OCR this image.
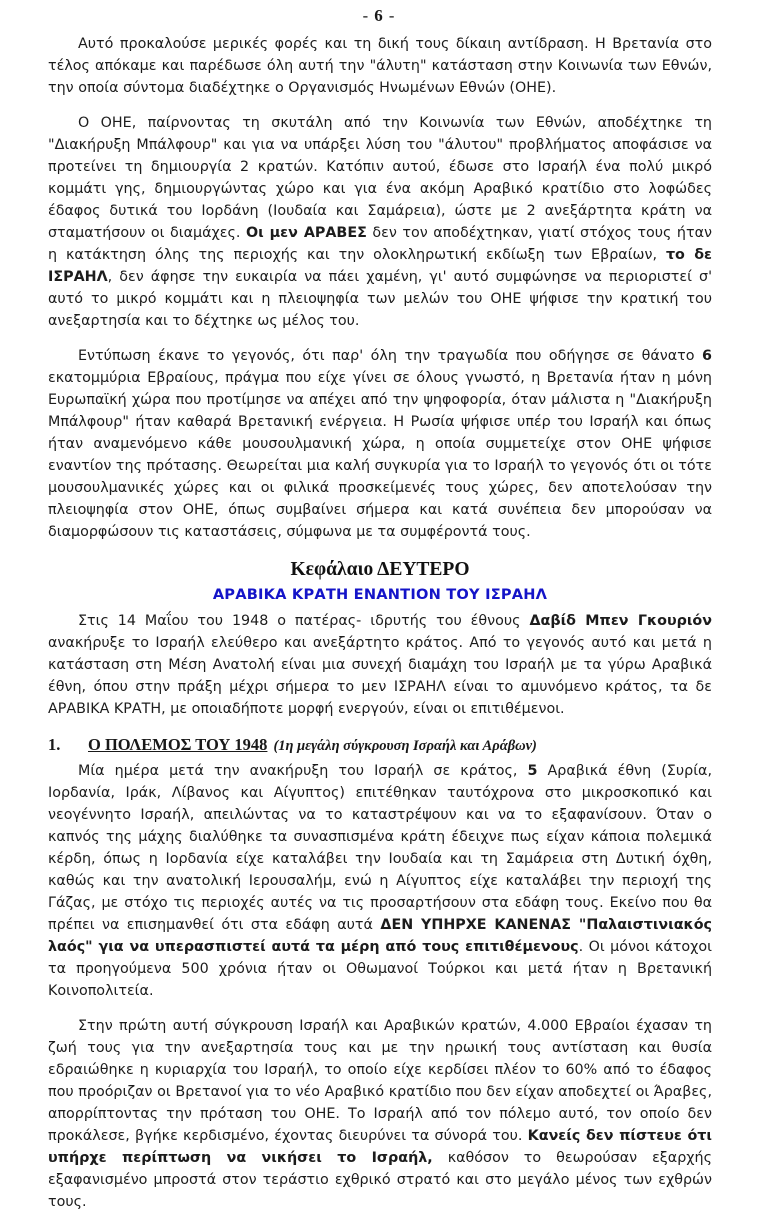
- 6 -

Αυτό προκαλούσε μερικές φορές και τη δική τους δίκαιη αντίδραση. Η Βρετανία στο τέλος απόκαμε και παρέδωσε όλη αυτή την "άλυτη" κατάσταση στην Κοινωνία των Εθνών, την οποία σύντομα διαδέχτηκε ο Οργανισμός Ηνωμένων Εθνών (ΟΗΕ).

Ο ΟΗΕ, παίρνοντας τη σκυτάλη από την Κοινωνία των Εθνών, αποδέχτηκε τη "Διακήρυξη Μπάλφουρ" και για να υπάρξει λύση του "άλυτου" προβλήματος αποφάσισε να προτείνει τη δημιουργία 2 κρατών. Κατόπιν αυτού, έδωσε στο Ισραήλ ένα πολύ μικρό κομμάτι γης, δημιουργώντας χώρο και για ένα ακόμη Αραβικό κρατίδιο στο λοφώδες έδαφος δυτικά του Ιορδάνη (Ιουδαία και Σαμάρεια), ώστε με 2 ανεξάρτητα κράτη να σταματήσουν οι διαμάχες. Οι μεν ΑΡΑΒΕΣ δεν τον αποδέχτηκαν, γιατί στόχος τους ήταν η κατάκτηση όλης της περιοχής και την ολοκληρωτική εκδίωξη των Εβραίων, το δε ΙΣΡΑΗΛ, δεν άφησε την ευκαιρία να πάει χαμένη, γι' αυτό συμφώνησε να περιοριστεί σ' αυτό το μικρό κομμάτι και η πλειοψηφία των μελών του ΟΗΕ ψήφισε την κρατική του ανεξαρτησία και το δέχτηκε ως μέλος του.

Εντύπωση έκανε το γεγονός, ότι παρ' όλη την τραγωδία που οδήγησε σε θάνατο 6 εκατομμύρια Εβραίους, πράγμα που είχε γίνει σε όλους γνωστό, η Βρετανία ήταν η μόνη Ευρωπαϊκή χώρα που προτίμησε να απέχει από την ψηφοφορία, όταν μάλιστα η "Διακήρυξη Μπάλφουρ" ήταν καθαρά Βρετανική ενέργεια. Η Ρωσία ψήφισε υπέρ του Ισραήλ και όπως ήταν αναμενόμενο κάθε μουσουλμανική χώρα, η οποία συμμετείχε στον ΟΗΕ ψήφισε εναντίον της πρότασης. Θεωρείται μια καλή συγκυρία για το Ισραήλ το γεγονός ότι οι τότε μουσουλμανικές χώρες και οι φιλικά προσκείμενές τους χώρες, δεν αποτελούσαν την πλειοψηφία στον ΟΗΕ, όπως συμβαίνει σήμερα και κατά συνέπεια δεν μπορούσαν να διαμορφώσουν τις καταστάσεις, σύμφωνα με τα συμφέροντά τους.

Κεφάλαιο ΔΕΥΤΕΡΟ
ΑΡΑΒΙΚΑ ΚΡΑΤΗ ΕΝΑΝΤΙΟΝ ΤΟΥ ΙΣΡΑΗΛ

Στις 14 Μαΐου του 1948 ο πατέρας- ιδρυτής του έθνους Δαβίδ Μπεν Γκουριόν ανακήρυξε το Ισραήλ ελεύθερο και ανεξάρτητο κράτος. Από το γεγονός αυτό και μετά η κατάσταση στη Μέση Ανατολή είναι μια συνεχή διαμάχη του Ισραήλ με τα γύρω Αραβικά έθνη, όπου στην πράξη μέχρι σήμερα το μεν ΙΣΡΑΗΛ είναι το αμυνόμενο κράτος, τα δε ΑΡΑΒΙΚΑ ΚΡΑΤΗ, με οποιαδήποτε μορφή ενεργούν, είναι οι επιτιθέμενοι.

1.	Ο ΠΟΛΕΜΟΣ ΤΟΥ 1948 (1η μεγάλη σύγκρουση Ισραήλ και Αράβων)

Μία ημέρα μετά την ανακήρυξη του Ισραήλ σε κράτος, 5 Αραβικά έθνη (Συρία, Ιορδανία, Ιράκ, Λίβανος και Αίγυπτος) επιτέθηκαν ταυτόχρονα στο μικροσκοπικό και νεογέννητο Ισραήλ, απειλώντας να το καταστρέψουν και να το εξαφανίσουν. Όταν ο καπνός της μάχης διαλύθηκε τα συνασπισμένα κράτη έδειχνε πως είχαν κάποια πολεμικά κέρδη, όπως η Ιορδανία είχε καταλάβει την Ιουδαία και τη Σαμάρεια στη Δυτική όχθη, καθώς και την ανατολική Ιερουσαλήμ, ενώ η Αίγυπτος είχε καταλάβει την περιοχή της Γάζας, με στόχο τις περιοχές αυτές να τις προσαρτήσουν στα εδάφη τους. Εκείνο που θα πρέπει να επισημανθεί ότι στα εδάφη αυτά ΔΕΝ ΥΠΗΡΧΕ ΚΑΝΕΝΑΣ "Παλαιστινιακός λαός" για να υπερασπιστεί αυτά τα μέρη από τους επιτιθέμενους. Οι μόνοι κάτοχοι τα προηγούμενα 500 χρόνια ήταν οι Οθωμανοί Τούρκοι και μετά ήταν η Βρετανική Κοινοπολιτεία.

Στην πρώτη αυτή σύγκρουση Ισραήλ και Αραβικών κρατών, 4.000 Εβραίοι έχασαν τη ζωή τους για την ανεξαρτησία τους και με την ηρωική τους αντίσταση και θυσία εδραιώθηκε η κυριαρχία του Ισραήλ, το οποίο είχε κερδίσει πλέον το 60% από το έδαφος που προόριζαν οι Βρετανοί για το νέο Αραβικό κρατίδιο που δεν είχαν αποδεχτεί οι Άραβες, απορρίπτοντας την πρόταση του ΟΗΕ. Το Ισραήλ από τον πόλεμο αυτό, τον οποίο δεν προκάλεσε, βγήκε κερδισμένο, έχοντας διευρύνει τα σύνορά του. Κανείς δεν πίστευε ότι υπήρχε περίπτωση να νικήσει το Ισραήλ, καθόσον το θεωρούσαν εξαρχής εξαφανισμένο μπροστά στον τεράστιο εχθρικό στρατό και στο μεγάλο μένος των εχθρών τους.
